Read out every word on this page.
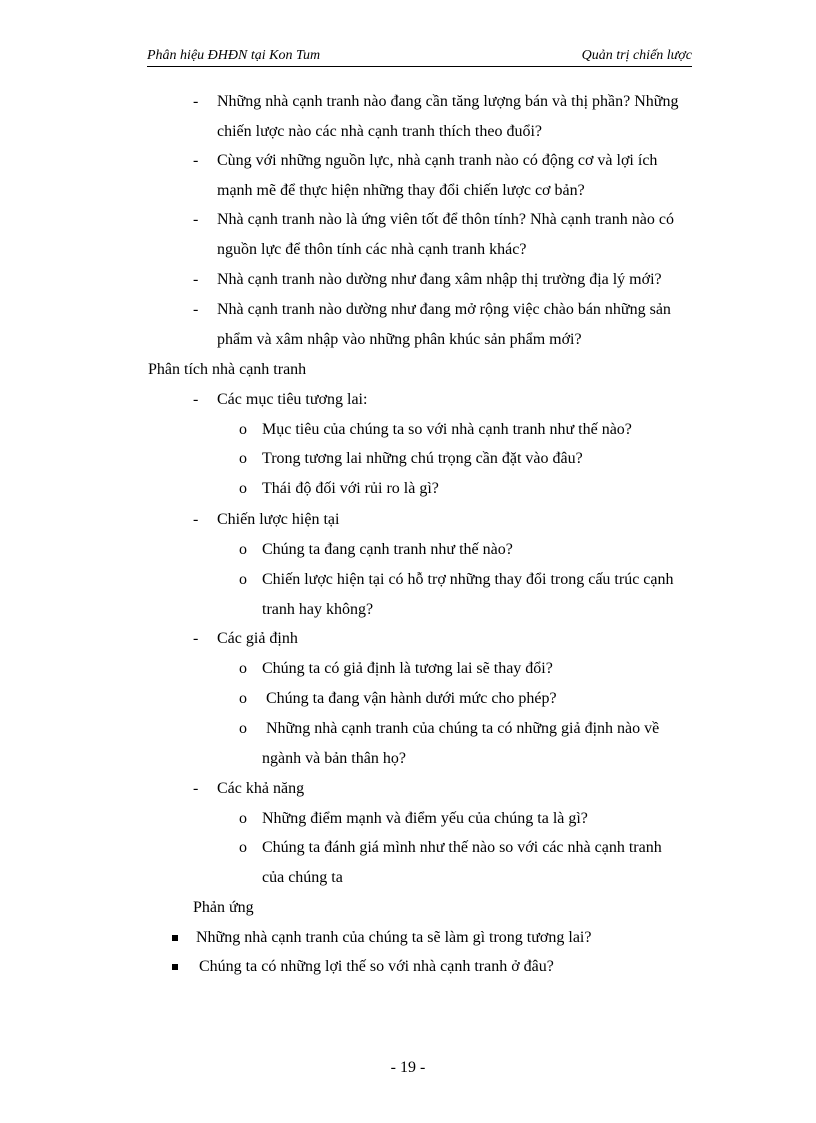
Phân hiệu ĐHĐN tại Kon Tum	Quản trị chiến lược
- Những nhà cạnh tranh nào đang cần tăng lượng bán và thị phần? Những
chiến lược nào các nhà cạnh tranh thích theo đuổi?
- Cùng với những nguồn lực, nhà cạnh tranh nào có động cơ và lợi ích
mạnh mẽ để thực hiện những thay đổi chiến lược cơ bản?
- Nhà cạnh tranh nào là ứng viên tốt để thôn tính? Nhà cạnh tranh nào có
nguồn lực để thôn tính các nhà cạnh tranh khác?
- Nhà cạnh tranh nào dường như đang xâm nhập thị trường địa lý mới?
- Nhà cạnh tranh nào dường như đang mở rộng việc chào bán những sản
phẩm và xâm nhập vào những phân khúc sản phẩm mới?
Phân tích nhà cạnh tranh
- Các mục tiêu tương lai:
o Mục tiêu của chúng ta so với nhà cạnh tranh như thế nào?
o Trong tương lai những chú trọng cần đặt vào đâu?
o Thái độ đối với rủi ro là gì?
- Chiến lược hiện tại
o Chúng ta đang cạnh tranh như thế nào?
o Chiến lược hiện tại có hỗ trợ những thay đổi trong cấu trúc cạnh
tranh hay không?
- Các giả định
o Chúng ta có giả định là tương lai sẽ thay đổi?
o Chúng ta đang vận hành dưới mức cho phép?
o Những nhà cạnh tranh của chúng ta có những giả định nào về
ngành và bản thân họ?
- Các khả năng
o Những điểm mạnh và điểm yếu của chúng ta là gì?
o Chúng ta đánh giá mình như thế nào so với các nhà cạnh tranh
của chúng ta
Phản ứng
Những nhà cạnh tranh của chúng ta sẽ làm gì trong tương lai?
Chúng ta có những lợi thế so với nhà cạnh tranh ở đâu?
- 19 -
